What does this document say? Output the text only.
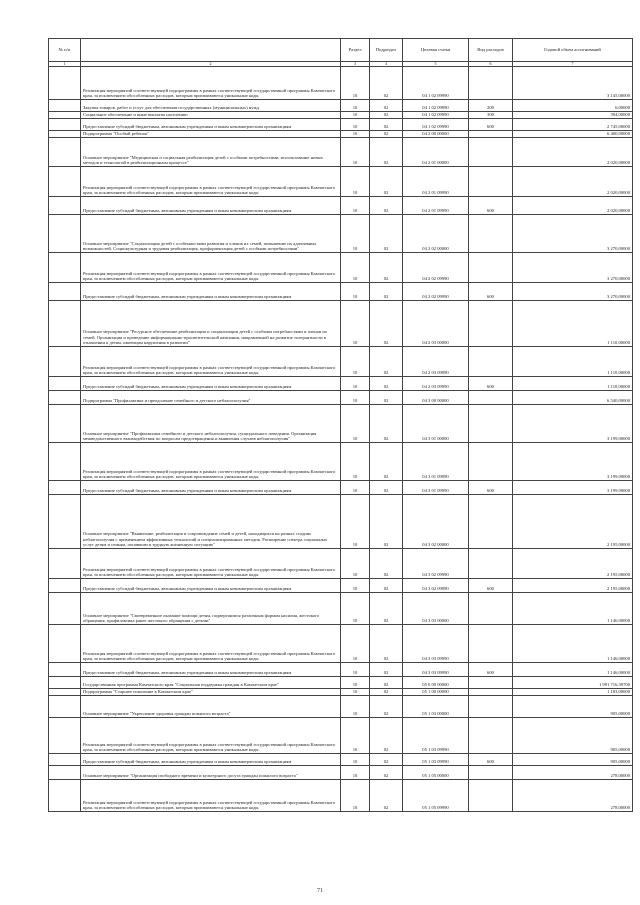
№ п/п		Раздел	Подраздел	Целевая статья	Вид расходов	Годовой объем ассигнований
1	2	3	4	5	6	7
	Реализация мероприятий соответствующей подпрограммы в рамках соответствующей государственной программы Камчатского края, за исключением обособленных расходов, которым присваиваются уникальные коды	10	02	04 1 02 09990		3 145,00000
	Закупка товаров, работ и услуг для обеспечения государственных (муниципальных) нужд	10	02	04 1 02 09990	200	6,00000
	Социальное обеспечение и иные выплаты населению	10	02	04 1 02 09990	300	394,00000
	Предоставление субсидий бюджетным, автономным учреждениям и иным некоммерческим организациям	10	02	04 1 02 09990	600	2 745,00000
	Подпрограмма "Особый ребенок"	10	02	04 2 00 00000		6 400,00000
	Основное мероприятие "Медицинская и социальная реабилитация детей с особыми потребностями, использование новых методов и технологий в реабилитационном процессе"	10	02	04 2 01 00000		2 020,00000
	Реализация мероприятий соответствующей подпрограммы в рамках соответствующей государственной программы Камчатского края, за исключением обособленных расходов, которым присваиваются уникальные коды	10	02	04 2 01 09990		2 020,00000
	Предоставление субсидий бюджетным, автономным учреждениям и иным некоммерческим организациям	10	02	04 2 01 09990	600	2 020,00000
	Основное мероприятие "Социализация детей с особенностями развития и членов их семей, повышение их адаптивных возможностей. Социокультурная и трудовая реабилитация, профориентация детей с особыми потребностями"	10	02	04 2 02 00000		3 270,00000
	Реализация мероприятий соответствующей подпрограммы в рамках соответствующей государственной программы Камчатского края, за исключением обособленных расходов, которым присваиваются уникальные коды	10	02	04 2 02 09990		3 270,00000
	Предоставление субсидий бюджетным, автономным учреждениям и иным некоммерческим организациям	10	02	04 2 02 09990	600	3 270,00000
	Основное мероприятие "Ресурсное обеспечение реабилитации и социализации детей с особыми потребностями и членов их семей. Организация и проведение информационно-просветительской кампании, направленной на развитие толерантности в отношении к детям, имеющим нарушения в развитии"	10	02	04 2 03 00000		1 110,00000
	Реализация мероприятий соответствующей подпрограммы в рамках соответствующей государственной программы Камчатского края, за исключением обособленных расходов, которым присваиваются уникальные коды	10	02	04 2 03 09990		1 110,00000
	Предоставление субсидий бюджетным, автономным учреждениям и иным некоммерческим организациям	10	02	04 2 03 09990	600	1 110,00000
	Подпрограмма "Профилактика и преодоление семейного и детского неблагополучия"	10	02	04 3 00 00000		6 540,00000
	Основное мероприятие "Профилактика семейного и детского неблагополучия, суицидального поведения. Организация межведомственного взаимодействия по вопросам предотвращения и выявления случаев неблагополучия"	10	02	04 3 01 00000		3 199,00000
	Реализация мероприятий соответствующей подпрограммы в рамках соответствующей государственной программы Камчатского края, за исключением обособленных расходов, которым присваиваются уникальные коды	10	02	04 3 01 09990		3 199,00000
	Предоставление субсидий бюджетным, автономным учреждениям и иным некоммерческим организациям	10	02	04 3 01 09990	600	3 199,00000
	Основное мероприятие "Выявление, реабилитация и сопровождение семей и детей, находящихся на разных стадиях неблагополучия с применением эффективных технологий и специализированных методик. Расширение спектра социальных услуг детям и семьям, попавшим в трудную жизненную ситуацию"	10	02	04 3 02 00000		2 195,00000
	Реализация мероприятий соответствующей подпрограммы в рамках соответствующей государственной программы Камчатского края, за исключением обособленных расходов, которым присваиваются уникальные коды	10	02	04 3 02 09990		2 195,00000
	Предоставление субсидий бюджетным, автономным учреждениям и иным некоммерческим организациям	10	02	04 3 02 09990	600	2 195,00000
	Основное мероприятие "Своевременное оказание помощи детям, подвергшимся различным формам насилия, жестокого обращения, профилактика ранее жестокого обращения с детьми"	10	02	04 3 03 00000		1 146,00000
	Реализация мероприятий соответствующей подпрограммы в рамках соответствующей государственной программы Камчатского края, за исключением обособленных расходов, которым присваиваются уникальные коды	10	02	04 3 03 09990		1 146,00000
	Предоставление субсидий бюджетным, автономным учреждениям и иным некоммерческим организациям	10	02	04 3 03 09990	600	1 146,00000
	Государственная программа Камчатского края "Социальная поддержка граждан в Камчатском крае"	10	02	05 0 00 00000		1 991 716,39700
	Подпрограмма "Старшее поколение в Камчатском крае"	10	02	05 1 00 00000		1 183,00000
	Основное мероприятие "Укрепление здоровья граждан пожилого возраста"	10	02	05 1 03 00000		905,00000
	Реализация мероприятий соответствующей подпрограммы в рамках соответствующей государственной программы Камчатского края, за исключением обособленных расходов, которым присваиваются уникальные коды	10	02	05 1 03 09990		905,00000
	Предоставление субсидий бюджетным, автономным учреждениям и иным некоммерческим организациям	10	02	05 1 03 09990	600	905,00000
	Основное мероприятие "Организация свободного времени и культурного досуга граждан пожилого возраста"	10	02	05 1 05 00000		278,00000
	Реализация мероприятий соответствующей подпрограммы в рамках соответствующей государственной программы Камчатского края, за исключением обособленных расходов, которым присваиваются уникальные коды	10	02	05 1 05 09990		278,00000
71
